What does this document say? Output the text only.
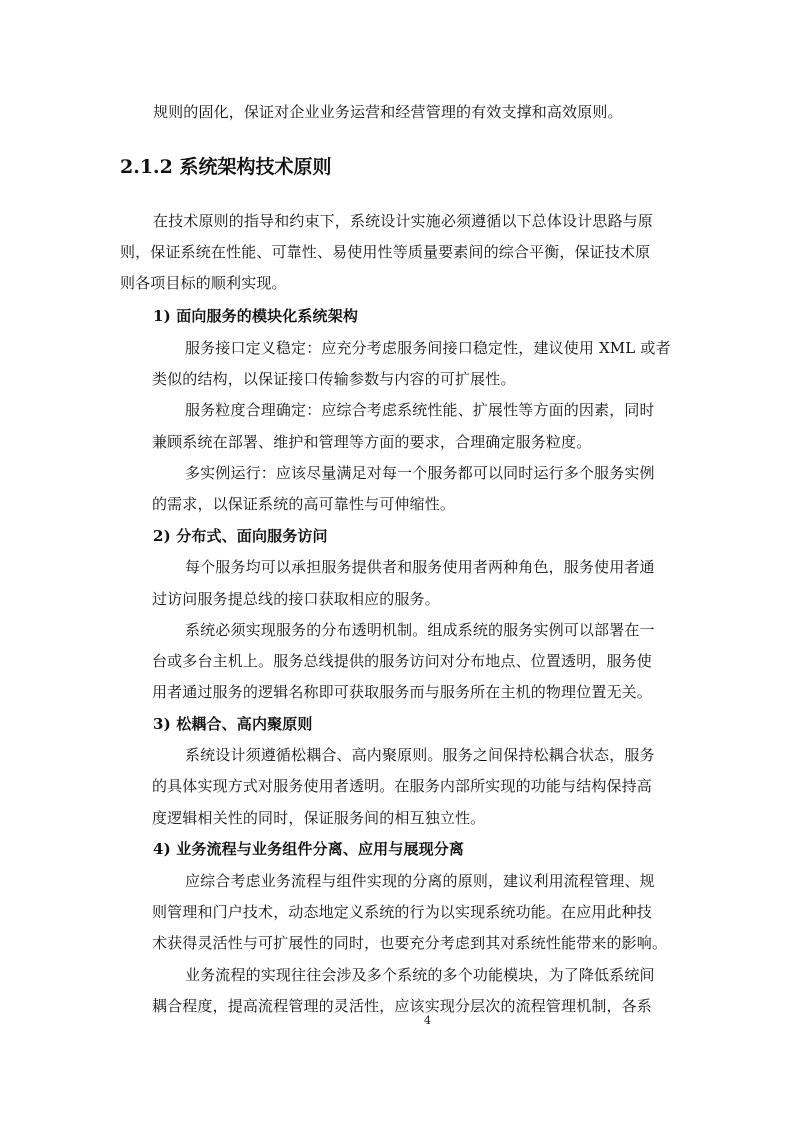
规则的固化，保证对企业业务运营和经营管理的有效支撑和高效原则。
2.1.2 系统架构技术原则
在技术原则的指导和约束下，系统设计实施必须遵循以下总体设计思路与原
则，保证系统在性能、可靠性、易使用性等质量要素间的综合平衡，保证技术原
则各项目标的顺利实现。
1) 面向服务的模块化系统架构
服务接口定义稳定：应充分考虑服务间接口稳定性，建议使用 XML 或者
类似的结构，以保证接口传输参数与内容的可扩展性。
服务粒度合理确定：应综合考虑系统性能、扩展性等方面的因素，同时
兼顾系统在部署、维护和管理等方面的要求，合理确定服务粒度。
多实例运行：应该尽量满足对每一个服务都可以同时运行多个服务实例
的需求，以保证系统的高可靠性与可伸缩性。
2) 分布式、面向服务访问
每个服务均可以承担服务提供者和服务使用者两种角色，服务使用者通
过访问服务提总线的接口获取相应的服务。
系统必须实现服务的分布透明机制。组成系统的服务实例可以部署在一
台或多台主机上。服务总线提供的服务访问对分布地点、位置透明，服务使
用者通过服务的逻辑名称即可获取服务而与服务所在主机的物理位置无关。
3) 松耦合、高内聚原则
系统设计须遵循松耦合、高内聚原则。服务之间保持松耦合状态，服务
的具体实现方式对服务使用者透明。在服务内部所实现的功能与结构保持高
度逻辑相关性的同时，保证服务间的相互独立性。
4) 业务流程与业务组件分离、应用与展现分离
应综合考虑业务流程与组件实现的分离的原则，建议利用流程管理、规
则管理和门户技术，动态地定义系统的行为以实现系统功能。在应用此种技
术获得灵活性与可扩展性的同时，也要充分考虑到其对系统性能带来的影响。
业务流程的实现往往会涉及多个系统的多个功能模块，为了降低系统间
耦合程度，提高流程管理的灵活性，应该实现分层次的流程管理机制，各系
4
